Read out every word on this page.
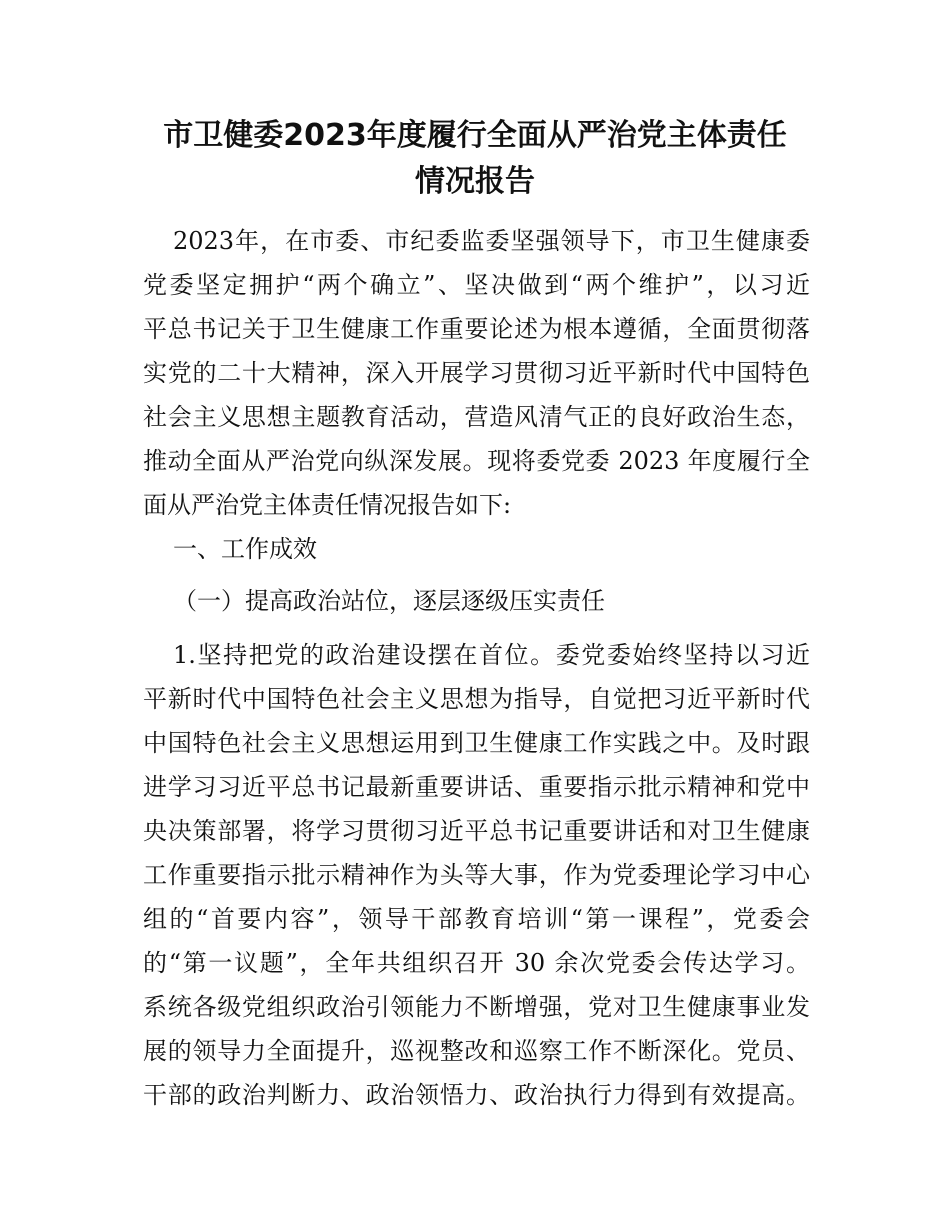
市卫健委2023年度履行全面从严治党主体责任
情况报告
2023年，在市委、市纪委监委坚强领导下，市卫生健康委
党委坚定拥护“两个确立”、坚决做到“两个维护”，以习近
平总书记关于卫生健康工作重要论述为根本遵循，全面贯彻落
实党的二十大精神，深入开展学习贯彻习近平新时代中国特色
社会主义思想主题教育活动，营造风清气正的良好政治生态，
推动全面从严治党向纵深发展。现将委党委 2023 年度履行全
面从严治党主体责任情况报告如下:
一、工作成效
（一）提高政治站位，逐层逐级压实责任
1.坚持把党的政治建设摆在首位。委党委始终坚持以习近
平新时代中国特色社会主义思想为指导，自觉把习近平新时代
中国特色社会主义思想运用到卫生健康工作实践之中。及时跟
进学习习近平总书记最新重要讲话、重要指示批示精神和党中
央决策部署，将学习贯彻习近平总书记重要讲话和对卫生健康
工作重要指示批示精神作为头等大事，作为党委理论学习中心
组的“首要内容”，领导干部教育培训“第一课程”，党委会
的“第一议题”，全年共组织召开 30 余次党委会传达学习。
系统各级党组织政治引领能力不断增强，党对卫生健康事业发
展的领导力全面提升，巡视整改和巡察工作不断深化。党员、
干部的政治判断力、政治领悟力、政治执行力得到有效提高。
